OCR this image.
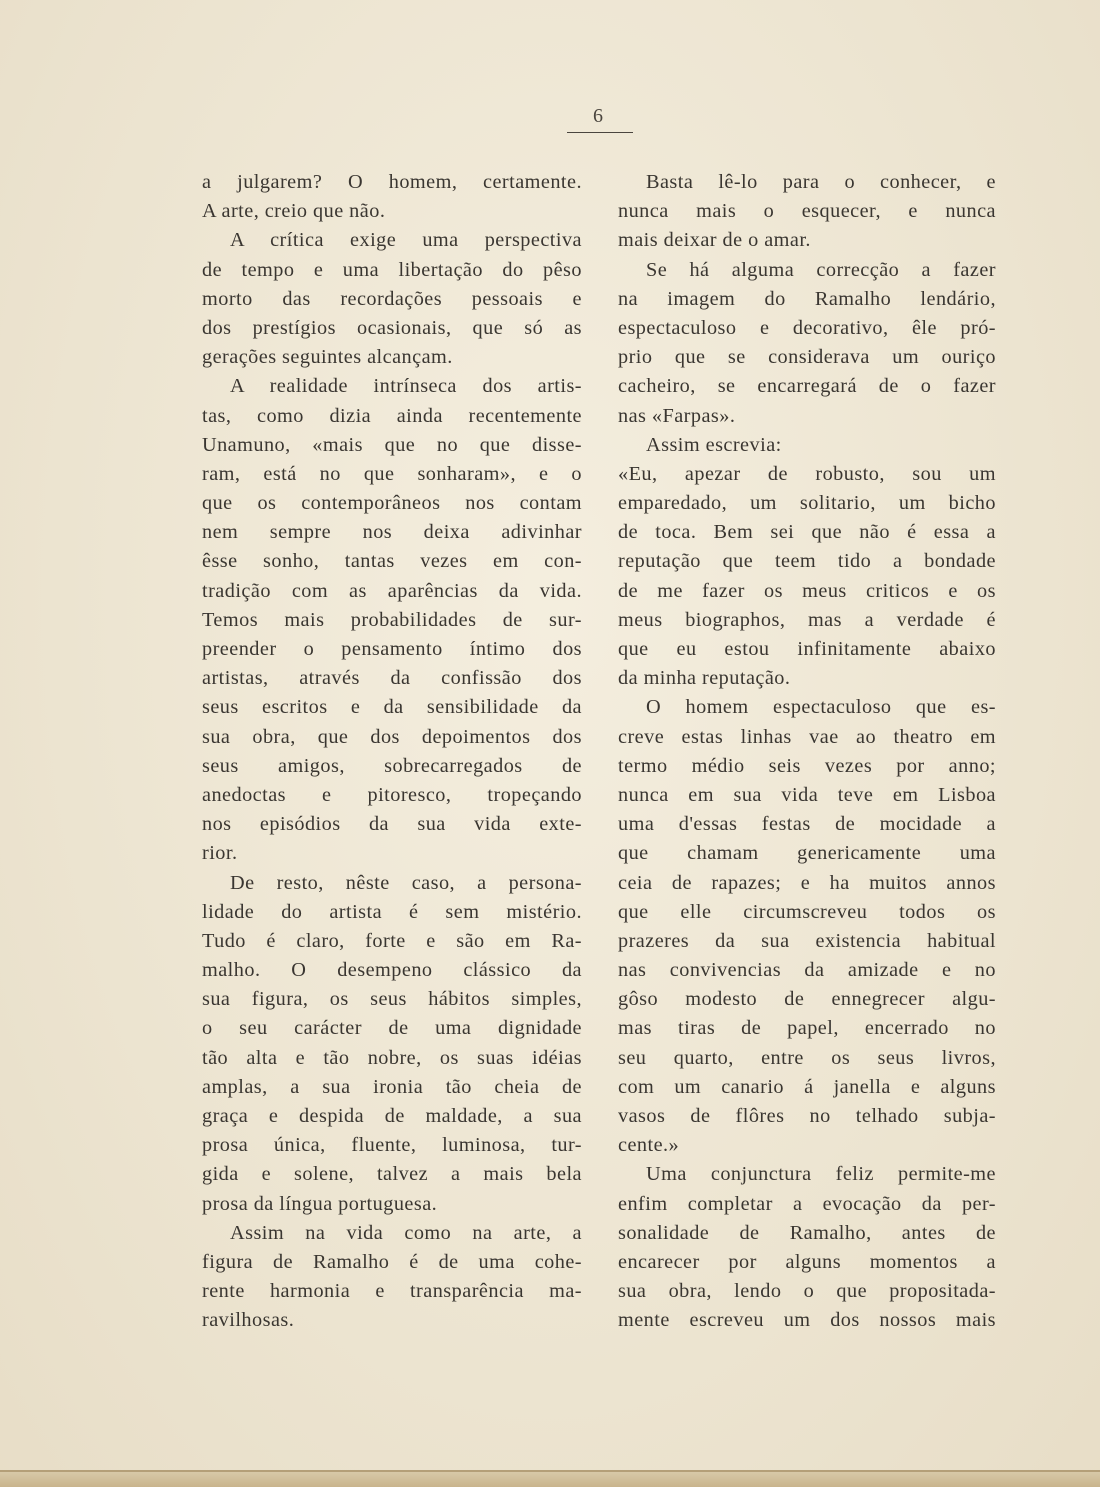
6
a julgarem? O homem, certamente.
A arte, creio que não.
A crítica exige uma perspectiva
de tempo e uma libertação do pêso
morto das recordações pessoais e
dos prestígios ocasionais, que só as
gerações seguintes alcançam.
A realidade intrínseca dos artis-
tas, como dizia ainda recentemente
Unamuno, «mais que no que disse-
ram, está no que sonharam», e o
que os contemporâneos nos contam
nem sempre nos deixa adivinhar
êsse sonho, tantas vezes em con-
tradição com as aparências da vida.
Temos mais probabilidades de sur-
preender o pensamento íntimo dos
artistas, através da confissão dos
seus escritos e da sensibilidade da
sua obra, que dos depoimentos dos
seus amigos, sobrecarregados de
anedoctas e pitoresco, tropeçando
nos episódios da sua vida exte-
rior.
De resto, nêste caso, a persona-
lidade do artista é sem mistério.
Tudo é claro, forte e são em Ra-
malho. O desempeno clássico da
sua figura, os seus hábitos simples,
o seu carácter de uma dignidade
tão alta e tão nobre, os suas idéias
amplas, a sua ironia tão cheia de
graça e despida de maldade, a sua
prosa única, fluente, luminosa, tur-
gida e solene, talvez a mais bela
prosa da língua portuguesa.
Assim na vida como na arte, a
figura de Ramalho é de uma cohe-
rente harmonia e transparência ma-
ravilhosas.
Basta lê-lo para o conhecer, e
nunca mais o esquecer, e nunca
mais deixar de o amar.
Se há alguma correcção a fazer
na imagem do Ramalho lendário,
espectaculoso e decorativo, êle pró-
prio que se considerava um ouriço
cacheiro, se encarregará de o fazer
nas «Farpas».
Assim escrevia:
«Eu, apezar de robusto, sou um
emparedado, um solitario, um bicho
de toca. Bem sei que não é essa a
reputação que teem tido a bondade
de me fazer os meus criticos e os
meus biographos, mas a verdade é
que eu estou infinitamente abaixo
da minha reputação.
O homem espectaculoso que es-
creve estas linhas vae ao theatro em
termo médio seis vezes por anno;
nunca em sua vida teve em Lisboa
uma d'essas festas de mocidade a
que chamam genericamente uma
ceia de rapazes; e ha muitos annos
que elle circumscreveu todos os
prazeres da sua existencia habitual
nas convivencias da amizade e no
gôso modesto de ennegrecer algu-
mas tiras de papel, encerrado no
seu quarto, entre os seus livros,
com um canario á janella e alguns
vasos de flôres no telhado subja-
cente.»
Uma conjunctura feliz permite-me
enfim completar a evocação da per-
sonalidade de Ramalho, antes de
encarecer por alguns momentos a
sua obra, lendo o que propositada-
mente escreveu um dos nossos mais
